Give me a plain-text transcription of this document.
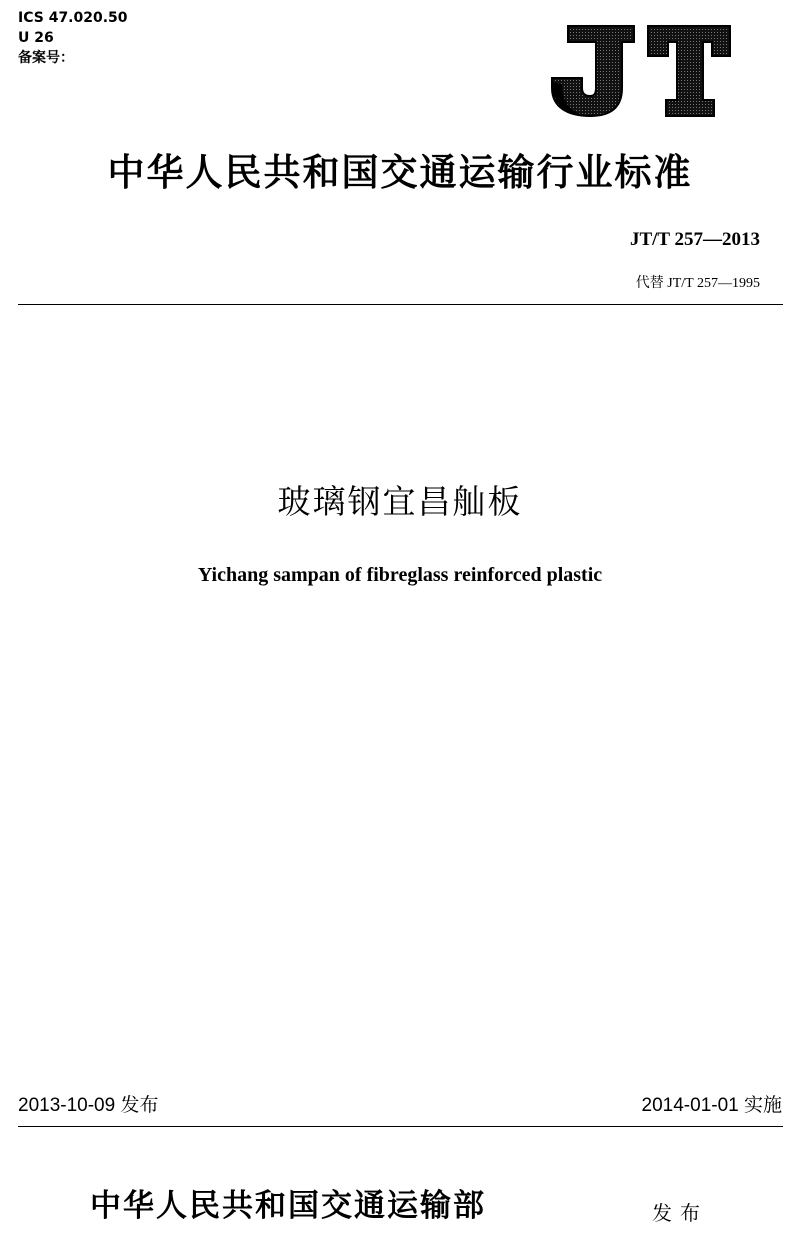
ICS 47.020.50
U 26
备案号：
中华人民共和国交通运输行业标准
JT/T 257—2013
代替 JT/T 257—1995
玻璃钢宜昌舢板
Yichang sampan of fibreglass reinforced plastic
2013-10-09 发布	2014-01-01 实施
中华人民共和国交通运输部	发布
